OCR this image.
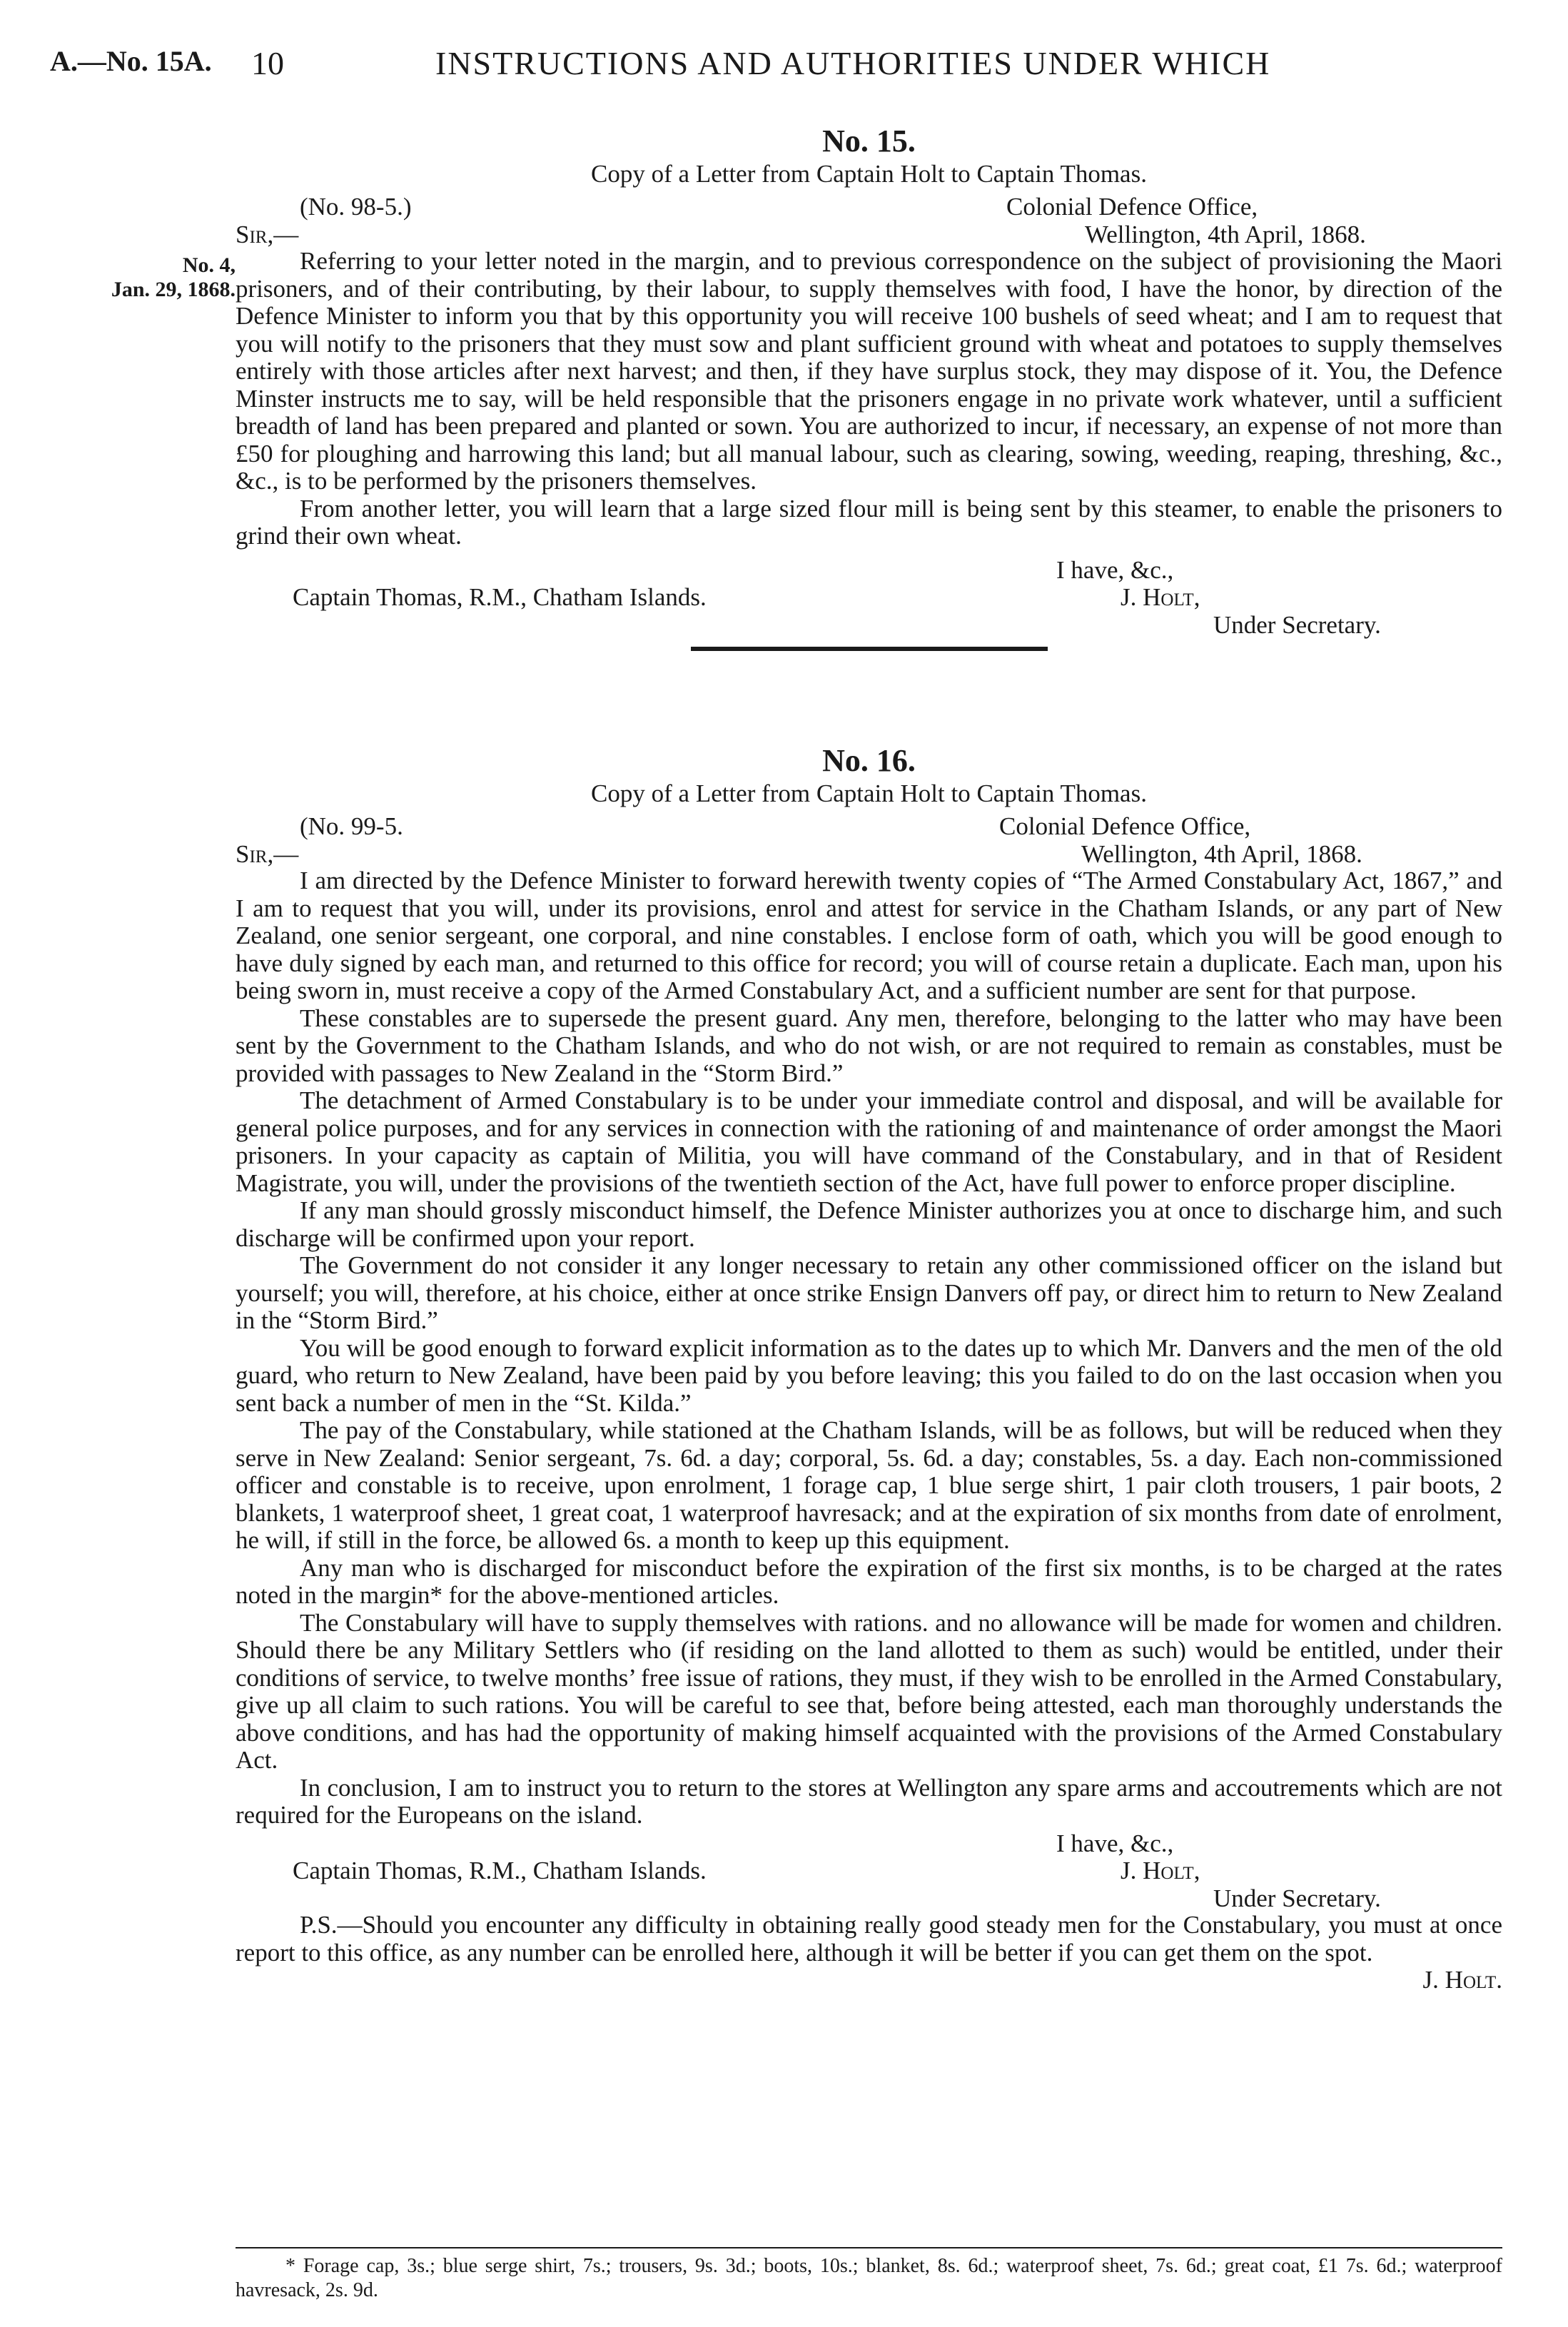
A.—No. 15A. 10	INSTRUCTIONS AND AUTHORITIES UNDER WHICH
No. 4,
Jan. 29, 1868.
No. 15.
Copy of a Letter from Captain Holt to Captain Thomas.
(No. 98-5.)	Colonial Defence Office,
Sir,—	Wellington, 4th April, 1868.

Referring to your letter noted in the margin, and to previous correspondence on the subject of provisioning the Maori prisoners, and of their contributing, by their labour, to supply themselves with food, I have the honor, by direction of the Defence Minister to inform you that by this opportunity you will receive 100 bushels of seed wheat; and I am to request that you will notify to the prisoners that they must sow and plant sufficient ground with wheat and potatoes to supply themselves entirely with those articles after next harvest; and then, if they have surplus stock, they may dispose of it. You, the Defence Minster instructs me to say, will be held responsible that the prisoners engage in no private work whatever, until a sufficient breadth of land has been prepared and planted or sown. You are authorized to incur, if necessary, an expense of not more than £50 for ploughing and harrowing this land; but all manual labour, such as clearing, sowing, weeding, reaping, threshing, &c., &c., is to be performed by the prisoners themselves.

From another letter, you will learn that a large sized flour mill is being sent by this steamer, to enable the prisoners to grind their own wheat.

I have, &c.,
Captain Thomas, R.M., Chatham Islands.	J. Holt,
Under Secretary.
No. 16.
Copy of a Letter from Captain Holt to Captain Thomas.
(No. 99-5.	Colonial Defence Office,
Sir,—	Wellington, 4th April, 1868.

I am directed by the Defence Minister to forward herewith twenty copies of “The Armed Constabulary Act, 1867,” and I am to request that you will, under its provisions, enrol and attest for service in the Chatham Islands, or any part of New Zealand, one senior sergeant, one corporal, and nine constables. I enclose form of oath, which you will be good enough to have duly signed by each man, and returned to this office for record; you will of course retain a duplicate. Each man, upon his being sworn in, must receive a copy of the Armed Constabulary Act, and a sufficient number are sent for that purpose.

These constables are to supersede the present guard. Any men, therefore, belonging to the latter who may have been sent by the Government to the Chatham Islands, and who do not wish, or are not required to remain as constables, must be provided with passages to New Zealand in the “Storm Bird.”

The detachment of Armed Constabulary is to be under your immediate control and disposal, and will be available for general police purposes, and for any services in connection with the rationing of and maintenance of order amongst the Maori prisoners. In your capacity as captain of Militia, you will have command of the Constabulary, and in that of Resident Magistrate, you will, under the provisions of the twentieth section of the Act, have full power to enforce proper discipline.

If any man should grossly misconduct himself, the Defence Minister authorizes you at once to discharge him, and such discharge will be confirmed upon your report.

The Government do not consider it any longer necessary to retain any other commissioned officer on the island but yourself; you will, therefore, at his choice, either at once strike Ensign Danvers off pay, or direct him to return to New Zealand in the “Storm Bird.”

You will be good enough to forward explicit information as to the dates up to which Mr. Danvers and the men of the old guard, who return to New Zealand, have been paid by you before leaving; this you failed to do on the last occasion when you sent back a number of men in the “St. Kilda.”

The pay of the Constabulary, while stationed at the Chatham Islands, will be as follows, but will be reduced when they serve in New Zealand: Senior sergeant, 7s. 6d. a day; corporal, 5s. 6d. a day; constables, 5s. a day. Each non-commissioned officer and constable is to receive, upon enrolment, 1 forage cap, 1 blue serge shirt, 1 pair cloth trousers, 1 pair boots, 2 blankets, 1 waterproof sheet, 1 great coat, 1 waterproof havresack; and at the expiration of six months from date of enrolment, he will, if still in the force, be allowed 6s. a month to keep up this equipment.

Any man who is discharged for misconduct before the expiration of the first six months, is to be charged at the rates noted in the margin* for the above-mentioned articles.

The Constabulary will have to supply themselves with rations. and no allowance will be made for women and children. Should there be any Military Settlers who (if residing on the land allotted to them as such) would be entitled, under their conditions of service, to twelve months’ free issue of rations, they must, if they wish to be enrolled in the Armed Constabulary, give up all claim to such rations. You will be careful to see that, before being attested, each man thoroughly understands the above conditions, and has had the opportunity of making himself acquainted with the provisions of the Armed Constabulary Act.

In conclusion, I am to instruct you to return to the stores at Wellington any spare arms and accoutrements which are not required for the Europeans on the island.

I have, &c.,
Captain Thomas, R.M., Chatham Islands.	J. Holt,
Under Secretary.

P.S.—Should you encounter any difficulty in obtaining really good steady men for the Constabulary, you must at once report to this office, as any number can be enrolled here, although it will be better if you can get them on the spot.
J. Holt.

* Forage cap, 3s.; blue serge shirt, 7s.; trousers, 9s. 3d.; boots, 10s.; blanket, 8s. 6d.; waterproof sheet, 7s. 6d.; great coat, £1 7s. 6d.; waterproof havresack, 2s. 9d.
